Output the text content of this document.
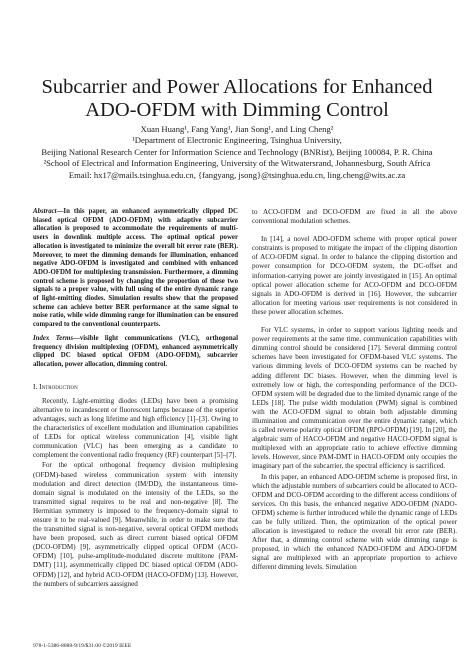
Subcarrier and Power Allocations for Enhanced
ADO-OFDM with Dimming Control
Xuan Huang¹, Fang Yang¹, Jian Song¹, and Ling Cheng²
¹Department of Electronic Engineering, Tsinghua University,
Beijing National Research Center for Information Science and Technology (BNRist), Beijing 100084, P. R. China
²School of Electrical and Information Engineering, University of the Witwatersrand, Johannesburg, South Africa
Email: hx17@mails.tsinghua.edu.cn, {fangyang, jsong}@tsinghua.edu.cn, ling.cheng@wits.ac.za

Abstract—In this paper, an enhanced asymmetrically clipped DC biased optical OFDM (ADO-OFDM) with adaptive subcarrier allocation is proposed to accommodate the requirements of multi-users in downlink multiple access. The optimal optical power allocation is investigated to minimize the overall bit error rate (BER). Moreover, to meet the dimming demands for illumination, enhanced negative ADO-OFDM is investigated and combined with enhanced ADO-OFDM for multiplexing transmission. Furthermore, a dimming control scheme is proposed by changing the proportion of these two signals to a proper value, with full using of the entire dynamic range of light-emitting diodes. Simulation results show that the proposed scheme can achieve better BER performance at the same signal to noise ratio, while wide dimming range for illumination can be ensured compared to the conventional counterparts.

Index Terms—visible light communications (VLC), orthogonal frequency division multiplexing (OFDM), enhanced asymmetrically clipped DC biased optical OFDM (ADO-OFDM), subcarrier allocation, power allocation, dimming control.

I. Introduction

Recently, Light-emitting diodes (LEDs) have been a promising alternative to incandescent or fluorescent lamps because of the superior advantages, such as long lifetime and high efficiency [1]–[3]. Owing to the characteristics of excellent modulation and illumination capabilities of LEDs for optical wireless communication [4], visible light communication (VLC) has been emerging as a candidate to complement the conventional radio frequency (RF) counterpart [5]–[7].

For the optical orthogonal frequency division multiplexing (OFDM)-based wireless communication system with intensity modulation and direct detection (IM/DD), the instantaneous time-domain signal is modulated on the intensity of the LEDs, so the transmitted signal requires to be real and non-negative [8]. The Hermitian symmetry is imposed to the frequency-domain signal to ensure it to be real-valued [9]. Meanwhile, in order to make sure that the transmitted signal is non-negative, several optical OFDM methods have been proposed, such as direct current biased optical OFDM (DCO-OFDM) [9], asymmetrically clipped optical OFDM (ACO-OFDM) [10], pulse-amplitude-modulated discrete multitone (PAM-DMT) [11], asymmetrically clipped DC biased optical OFDM (ADO-OFDM) [12], and hybrid ACO-OFDM (HACO-OFDM) [13]. However, the numbers of subcarriers aassigned

to ACO-OFDM and DCO-OFDM are fixed in all the above conventional modulation schemes.

In [14], a novel ADO-OFDM scheme with proper optical power constraints is proposed to mitigate the impact of the clipping distortion of ACO-OFDM signal. In order to balance the clipping distortion and power consumption for DCO-OFDM system, the DC-offset and information-carrying power are jointly investigated in [15]. An optimal optical power allocation scheme for ACO-OFDM and DCO-OFDM signals in ADO-OFDM is derived in [16]. However, the subcarrier allocation for meeting various user requirements is not considered in these power allocation schemes.

For VLC systems, in order to support various lighting needs and power requirements at the same time, communication capabilities with dimming control should be considered [17]. Several dimming control schemes have been investigated for OFDM-based VLC systems. The various dimming levels of DCO-OFDM systems can be reached by adding different DC biases. However, when the dimming level is extremely low or high, the corresponding performance of the DCO-OFDM system will be degraded due to the limited dynamic range of the LEDs [18]. The pulse width modulation (PWM) signal is combined with the ACO-OFDM signal to obtain both adjustable dimming illumination and communication over the entire dynamic range, which is called reverse polarity optical OFDM (RPO-OFDM) [19]. In [20], the algebraic sum of HACO-OFDM and negative HACO-OFDM signal is multiplexed with an appropriate ratio to achieve effective dimming levels. However, since PAM-DMT in HACO-OFDM only occupies the imaginary part of the subcarrier, the spectral efficiency is sacrificed.

In this paper, an enhanced ADO-OFDM scheme is proposed first, in which the adjustable numbers of subcarriers could be allocated to ACO-OFDM and DCO-OFDM according to the different access conditions of services. On this basis, the enhanced negative ADO-OFDM (NADO-OFDM) scheme is further introduced while the dynamic range of LEDs can be fully utilized. Then, the optimization of the optical power allocation is investigated to reduce the overall bit error rate (BER). After that, a dimming control scheme with wide dimming range is proposed, in which the enhanced NADO-OFDM and ADO-OFDM signal are multiplexed with an appropriate proportion to achieve different dimming levels. Simulation

978-1-5386-8088-9/19/$31.00 ©2019 IEEE
